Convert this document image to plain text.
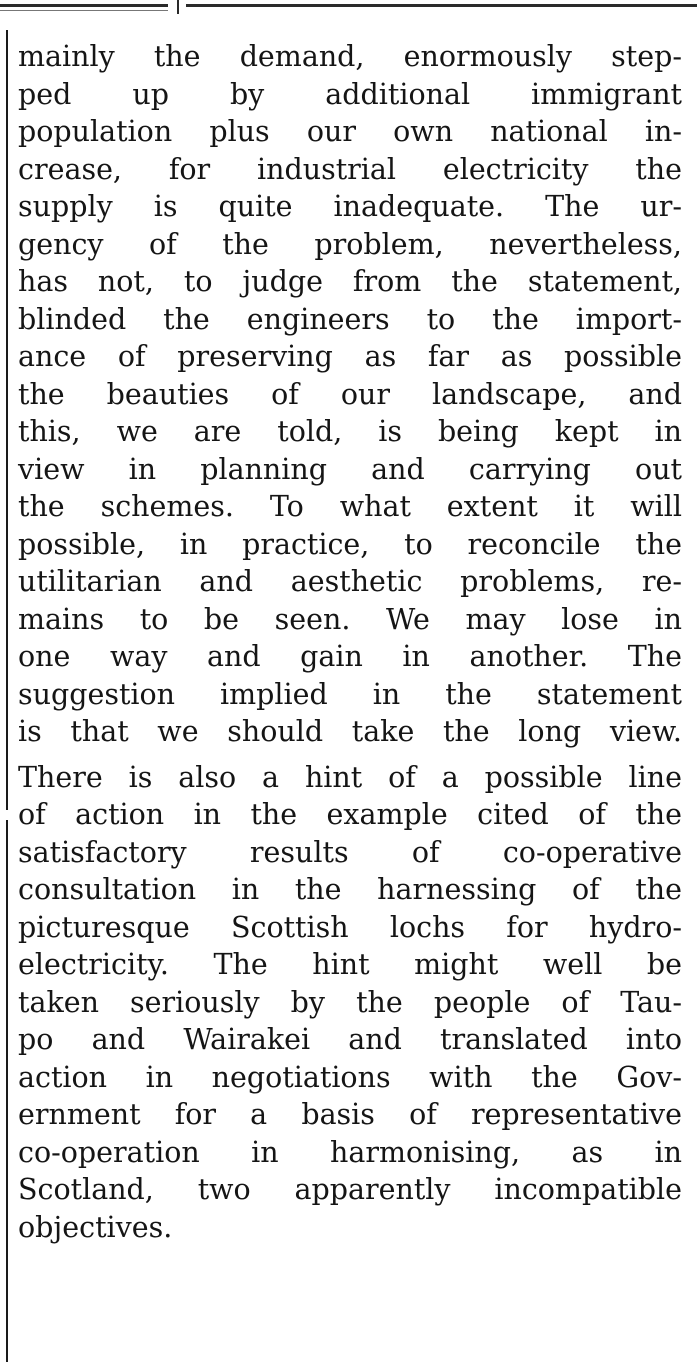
mainly the demand, enormously step-
ped up by additional immigrant
population plus our own national in-
crease, for industrial electricity the
supply is quite inadequate. The ur-
gency of the problem, nevertheless,
has not, to judge from the statement,
blinded the engineers to the import-
ance of preserving as far as possible
the beauties of our landscape, and
this, we are told, is being kept in
view in planning and carrying out
the schemes. To what extent it will
possible, in practice, to reconcile the
utilitarian and aesthetic problems, re-
mains to be seen. We may lose in
one way and gain in another. The
suggestion implied in the statement
is that we should take the long view.
There is also a hint of a possible line
of action in the example cited of the
satisfactory results of co-operative
consultation in the harnessing of the
picturesque Scottish lochs for hydro-
electricity. The hint might well be
taken seriously by the people of Tau-
po and Wairakei and translated into
action in negotiations with the Gov-
ernment for a basis of representative
co-operation in harmonising, as in
Scotland, two apparently incompatible
objectives.
